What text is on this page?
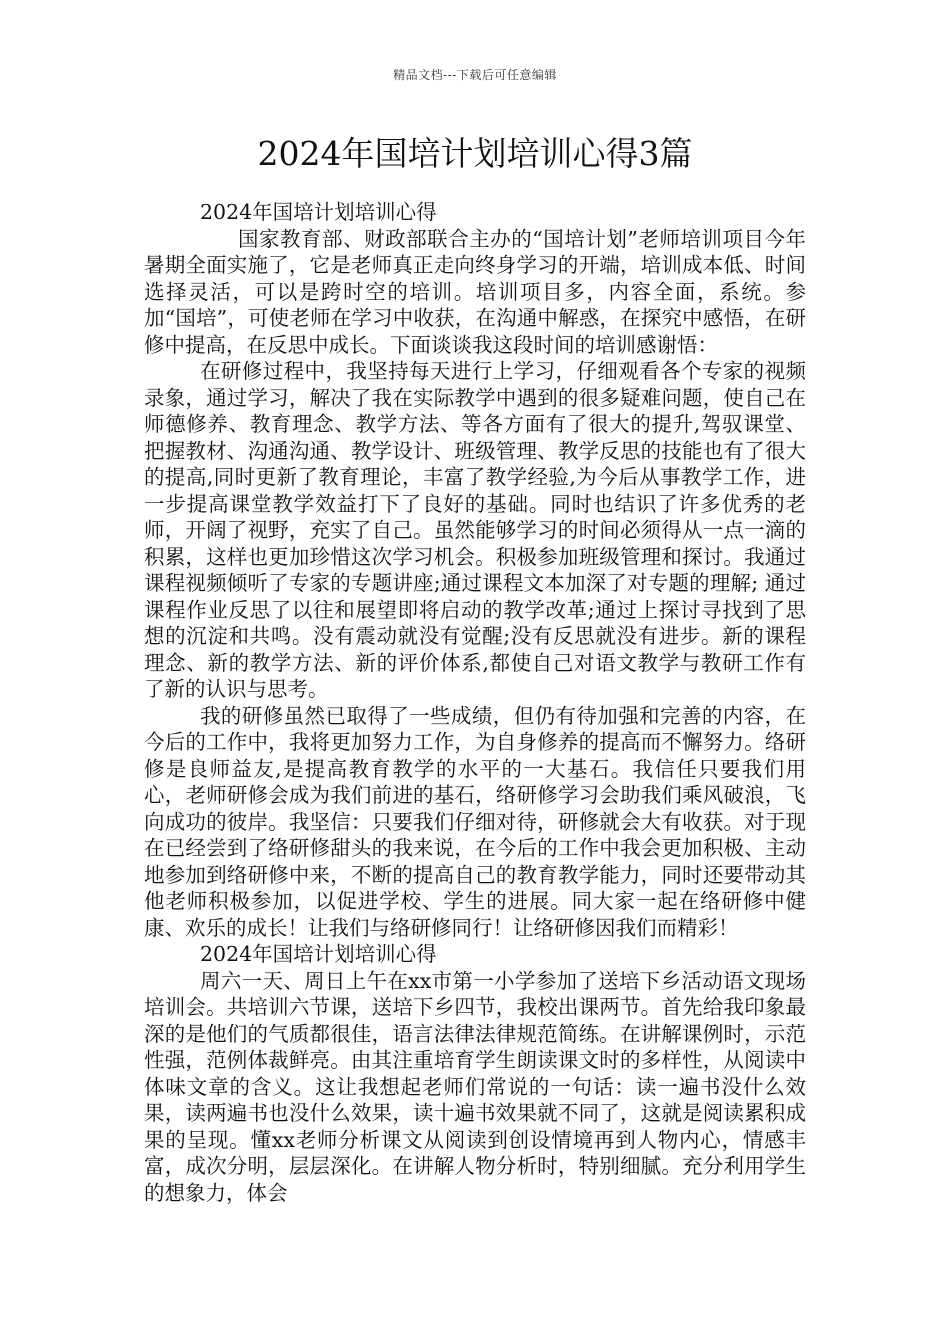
精品文档---下载后可任意编辑
2024年国培计划培训心得3篇

2024年国培计划培训心得

国家教育部、财政部联合主办的“国培计划”老师培训项目今年暑期全面实施了，它是老师真正走向终身学习的开端，培训成本低、时间选择灵活，可以是跨时空的培训。培训项目多，内容全面，系统。参加“国培”，可使老师在学习中收获，在沟通中解惑，在探究中感悟，在研修中提高，在反思中成长。下面谈谈我这段时间的培训感谢悟：

在研修过程中，我坚持每天进行上学习，仔细观看各个专家的视频录象，通过学习，解决了我在实际教学中遇到的很多疑难问题，使自己在师德修养、教育理念、教学方法、等各方面有了很大的提升,驾驭课堂、把握教材、沟通沟通、教学设计、班级管理、教学反思的技能也有了很大的提高,同时更新了教育理论，丰富了教学经验,为今后从事教学工作，进一步提高课堂教学效益打下了良好的基础。同时也结识了许多优秀的老师，开阔了视野，充实了自己。虽然能够学习的时间必须得从一点一滴的积累，这样也更加珍惜这次学习机会。积极参加班级管理和探讨。我通过课程视频倾听了专家的专题讲座;通过课程文本加深了对专题的理解; 通过课程作业反思了以往和展望即将启动的教学改革;通过上探讨寻找到了思想的沉淀和共鸣。没有震动就没有觉醒;没有反思就没有进步。新的课程理念、新的教学方法、新的评价体系,都使自己对语文教学与教研工作有了新的认识与思考。

我的研修虽然已取得了一些成绩，但仍有待加强和完善的内容，在今后的工作中，我将更加努力工作，为自身修养的提高而不懈努力。络研修是良师益友,是提高教育教学的水平的一大基石。我信任只要我们用心，老师研修会成为我们前进的基石，络研修学习会助我们乘风破浪，飞向成功的彼岸。我坚信：只要我们仔细对待，研修就会大有收获。对于现在已经尝到了络研修甜头的我来说，在今后的工作中我会更加积极、主动地参加到络研修中来，不断的提高自己的教育教学能力，同时还要带动其他老师积极参加，以促进学校、学生的进展。同大家一起在络研修中健康、欢乐的成长！让我们与络研修同行！让络研修因我们而精彩！

2024年国培计划培训心得

周六一天、周日上午在xx市第一小学参加了送培下乡活动语文现场培训会。共培训六节课，送培下乡四节，我校出课两节。首先给我印象最深的是他们的气质都很佳，语言法律法律规范简练。在讲解课例时，示范性强，范例体裁鲜亮。由其注重培育学生朗读课文时的多样性，从阅读中体味文章的含义。这让我想起老师们常说的一句话：读一遍书没什么效果，读两遍书也没什么效果，读十遍书效果就不同了，这就是阅读累积成果的呈现。懂xx老师分析课文从阅读到创设情境再到人物内心，情感丰富，成次分明，层层深化。在讲解人物分析时，特别细腻。充分利用学生的想象力，体会
